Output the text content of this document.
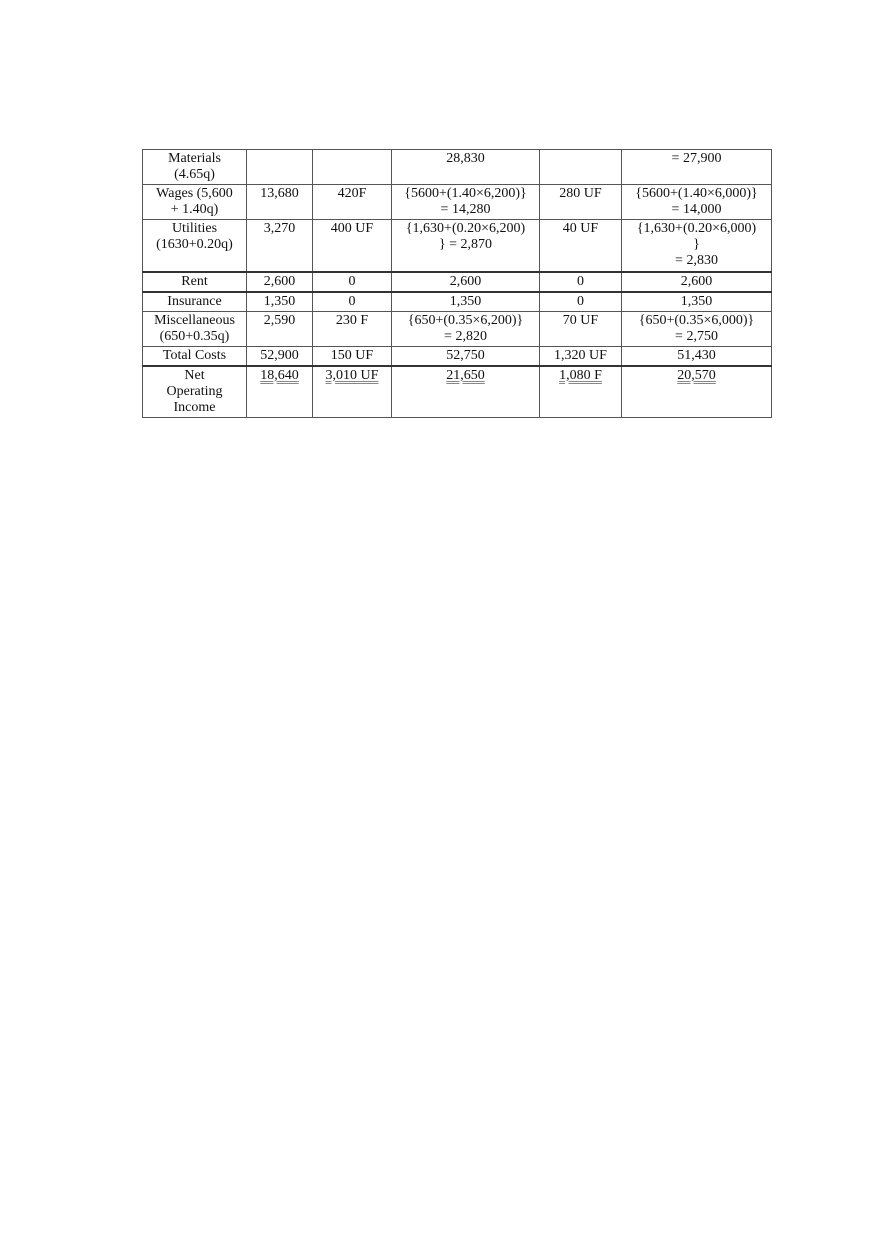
Materials
(4.65q)			28,830		= 27,900

Wages (5,600
+ 1.40q)	13,680	420F	{5600+(1.40×6,200)}
= 14,280	280 UF	{5600+(1.40×6,000)}
= 14,000

Utilities
(1630+0.20q)	3,270	400 UF	{1,630+(0.20×6,200)
} = 2,870	40 UF	{1,630+(0.20×6,000)
}
= 2,830

Rent	2,600	0	2,600	0	2,600

Insurance	1,350	0	1,350	0	1,350

Miscellaneous
(650+0.35q)	2,590	230 F	{650+(0.35×6,200)}
= 2,820	70 UF	{650+(0.35×6,000)}
= 2,750

Total Costs	52,900	150 UF	52,750	1,320 UF	51,430

Net
Operating
Income	18,640	3,010 UF	21,650	1,080 F	20,570
